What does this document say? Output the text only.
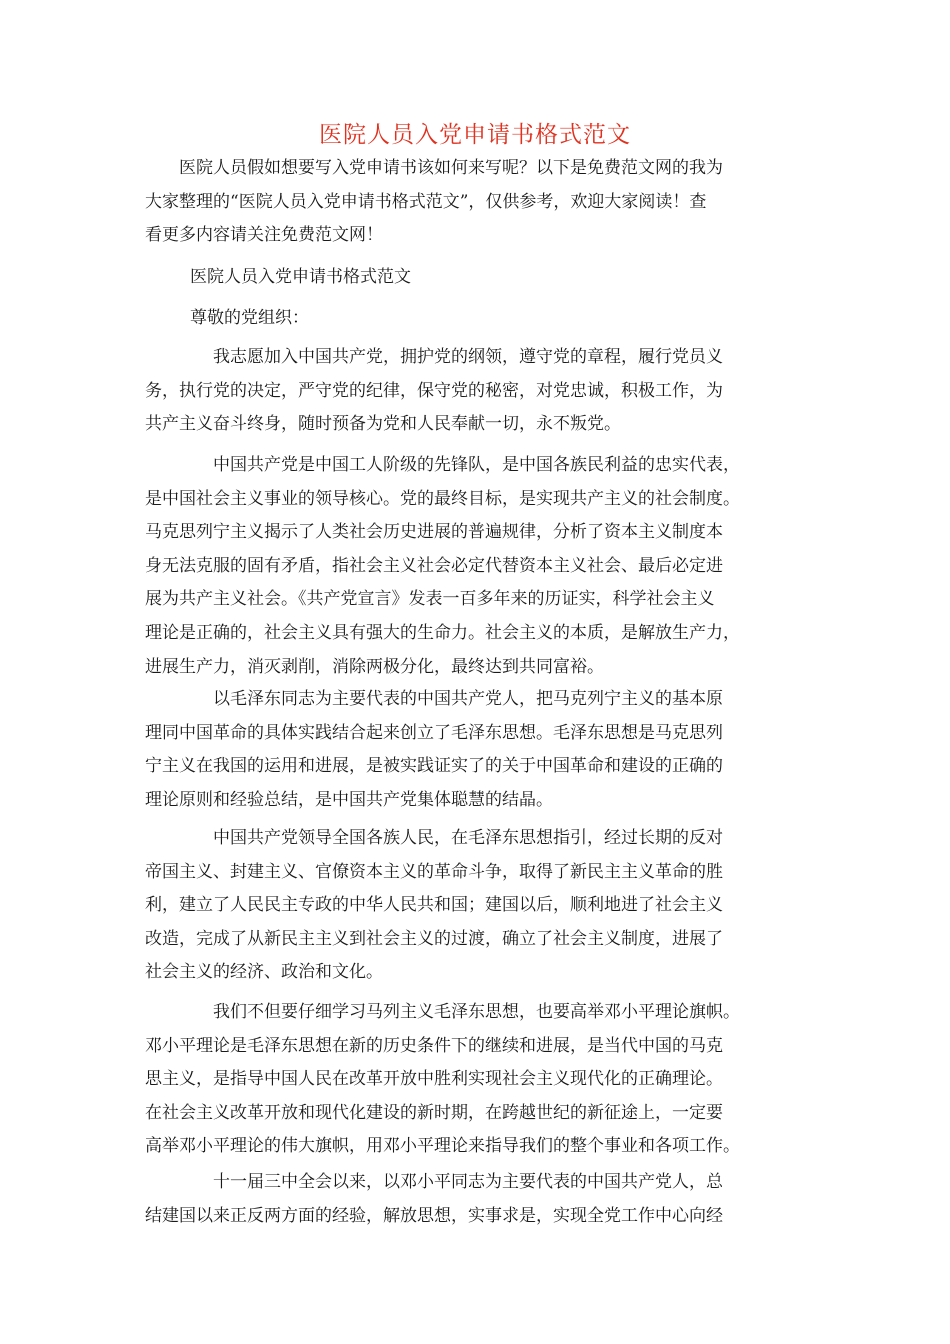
医院人员入党申请书格式范文
　　医院人员假如想要写入党申请书该如何来写呢？以下是免费范文网的我为
大家整理的“医院人员入党申请书格式范文”，仅供参考，欢迎大家阅读！查
看更多内容请关注免费范文网！
医院人员入党申请书格式范文
尊敬的党组织：
　　　　我志愿加入中国共产党，拥护党的纲领，遵守党的章程，履行党员义
务，执行党的决定，严守党的纪律，保守党的秘密，对党忠诚，积极工作，为
共产主义奋斗终身，随时预备为党和人民奉献一切，永不叛党。
　　　　中国共产党是中国工人阶级的先锋队，是中国各族民利益的忠实代表，
是中国社会主义事业的领导核心。党的最终目标，是实现共产主义的社会制度。
马克思列宁主义揭示了人类社会历史进展的普遍规律，分析了资本主义制度本
身无法克服的固有矛盾，指社会主义社会必定代替资本主义社会、最后必定进
展为共产主义社会。《共产党宣言》发表一百多年来的历证实，科学社会主义
理论是正确的，社会主义具有强大的生命力。社会主义的本质，是解放生产力，
进展生产力，消灭剥削，消除两极分化，最终达到共同富裕。
　　　　以毛泽东同志为主要代表的中国共产党人，把马克列宁主义的基本原
理同中国革命的具体实践结合起来创立了毛泽东思想。毛泽东思想是马克思列
宁主义在我国的运用和进展，是被实践证实了的关于中国革命和建设的正确的
理论原则和经验总结，是中国共产党集体聪慧的结晶。
　　　　中国共产党领导全国各族人民，在毛泽东思想指引，经过长期的反对
帝国主义、封建主义、官僚资本主义的革命斗争，取得了新民主主义革命的胜
利，建立了人民民主专政的中华人民共和国；建国以后，顺利地进了社会主义
改造，完成了从新民主主义到社会主义的过渡，确立了社会主义制度，进展了
社会主义的经济、政治和文化。
　　　　我们不但要仔细学习马列主义毛泽东思想，也要高举邓小平理论旗帜。
邓小平理论是毛泽东思想在新的历史条件下的继续和进展，是当代中国的马克
思主义，是指导中国人民在改革开放中胜利实现社会主义现代化的正确理论。
在社会主义改革开放和现代化建设的新时期，在跨越世纪的新征途上，一定要
高举邓小平理论的伟大旗帜，用邓小平理论来指导我们的整个事业和各项工作。
　　　　十一届三中全会以来，以邓小平同志为主要代表的中国共产党人，总
结建国以来正反两方面的经验，解放思想，实事求是，实现全党工作中心向经
